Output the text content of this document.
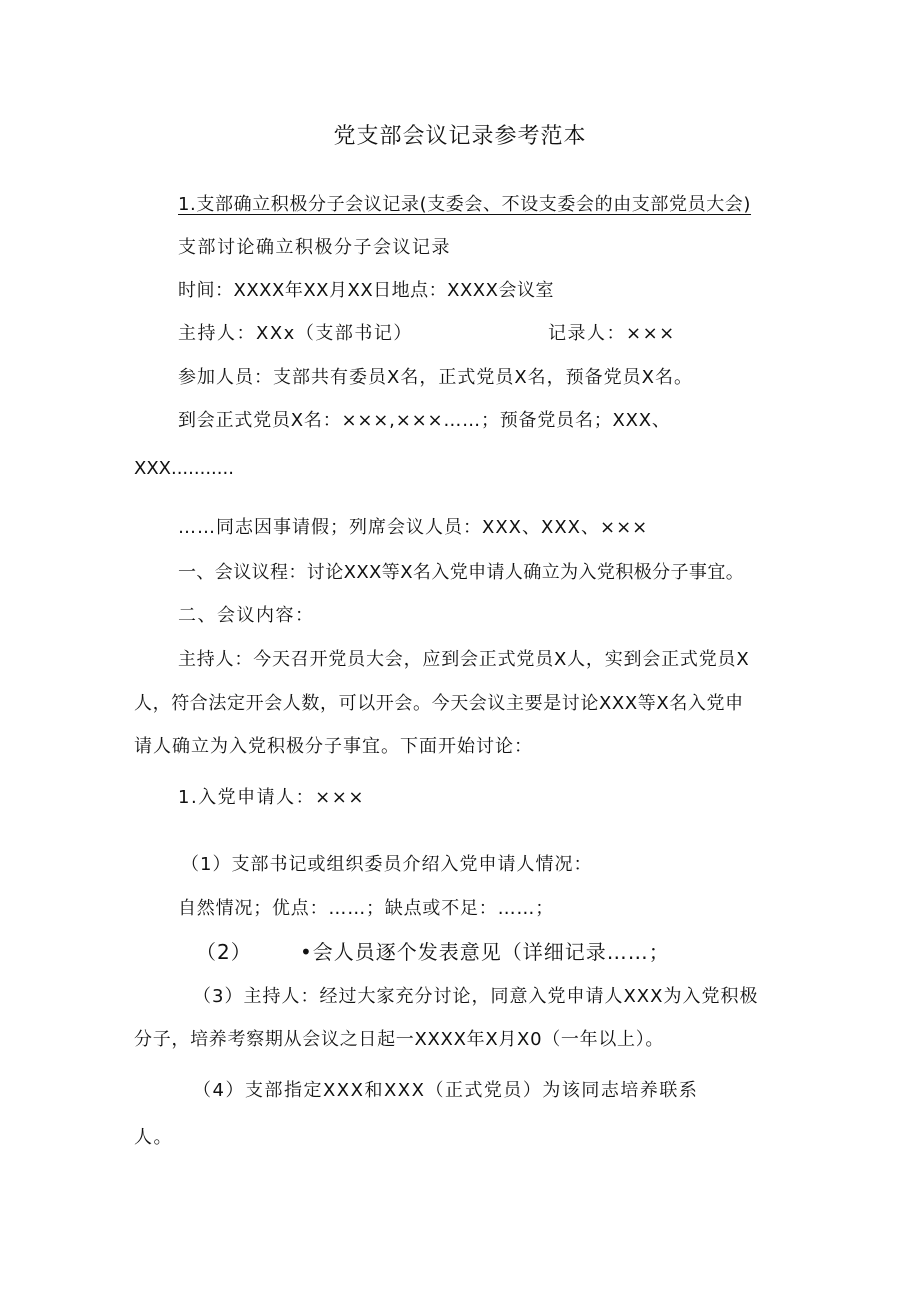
党支部会议记录参考范本
1.支部确立积极分子会议记录(支委会、不设支委会的由支部党员大会)
支部讨论确立积极分子会议记录
时间：XXXX年XX月XX日地点：XXXX会议室
主持人：XXx（支部书记）	记录人：×××
参加人员：支部共有委员X名，正式党员X名，预备党员X名。
到会正式党员X名：×××,×××……；预备党员名；XXX、
XXX...........
……同志因事请假；列席会议人员：XXX、XXX、×××
一、会议议程：讨论XXX等X名入党申请人确立为入党积极分子事宜。
二、会议内容：
主持人：今天召开党员大会，应到会正式党员X人，实到会正式党员X
人，符合法定开会人数，可以开会。今天会议主要是讨论XXX等X名入党申
请人确立为入党积极分子事宜。下面开始讨论：
1.入党申请人：×××
（1）支部书记或组织委员介绍入党申请人情况：
自然情况；优点：……；缺点或不足：……；
（2） •会人员逐个发表意见（详细记录……；
（3）主持人：经过大家充分讨论，同意入党申请人XXX为入党积极
分子，培养考察期从会议之日起一XXXX年X月X0（一年以上）。
（4）支部指定XXX和XXX（正式党员）为该同志培养联系
人。
